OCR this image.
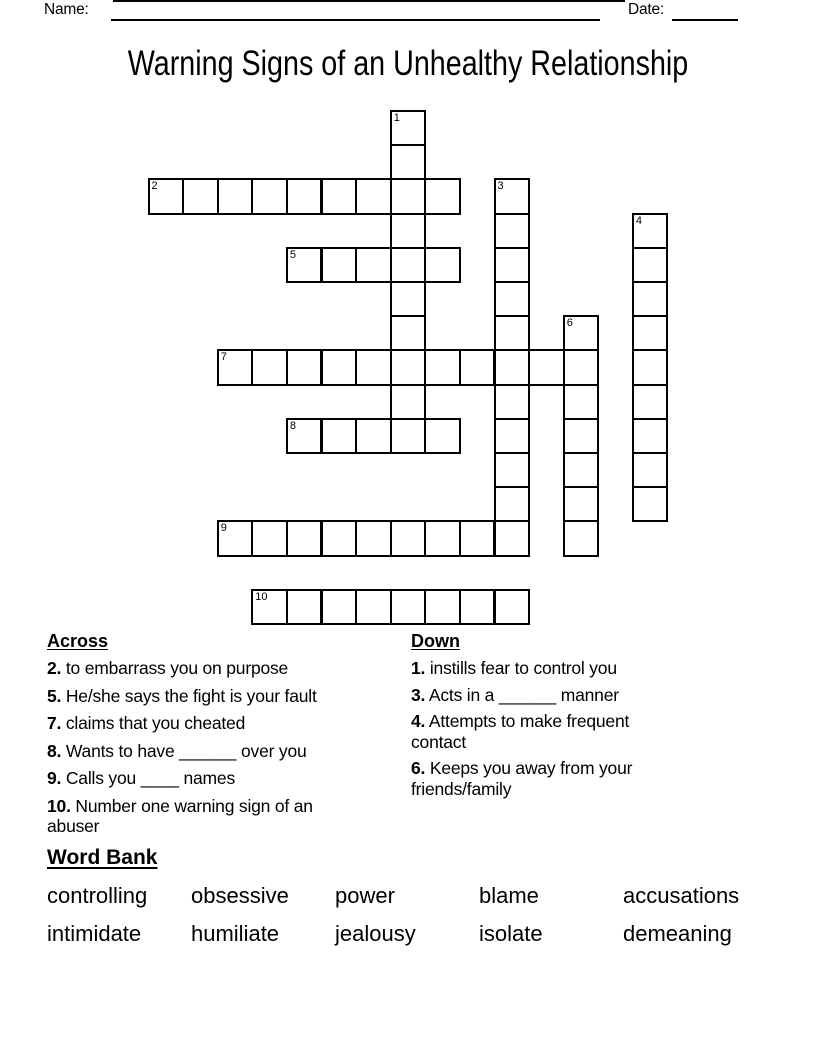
Name:	Date:
Warning Signs of an Unhealthy Relationship
1
2	3
4
5
6
7
8
9
10
Across
2. to embarrass you on purpose
5. He/she says the fight is your fault
7. claims that you cheated
8. Wants to have ______ over you
9. Calls you ____ names
10. Number one warning sign of an
abuser
Down
1. instills fear to control you
3. Acts in a ______ manner
4. Attempts to make frequent
contact
6. Keeps you away from your
friends/family
Word Bank
controlling	obsessive	power	blame	accusations
intimidate	humiliate	jealousy	isolate	demeaning
